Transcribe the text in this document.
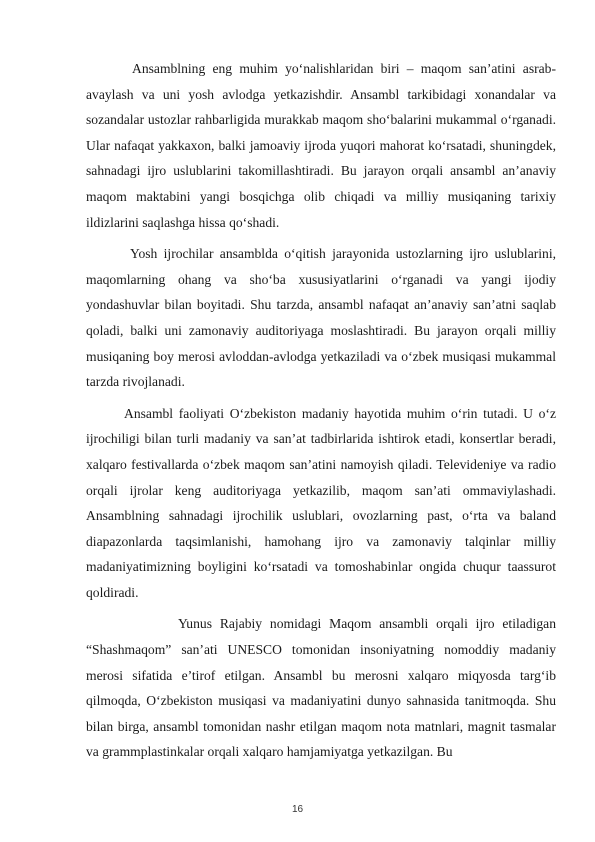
Ansamblning eng muhim yo‘nalishlaridan biri – maqom san’atini asrab-avaylash va uni yosh avlodga yetkazishdir. Ansambl tarkibidagi xonandalar va sozandalar ustozlar rahbarligida murakkab maqom sho‘balarini mukammal o‘rganadi. Ular nafaqat yakkaxon, balki jamoaviy ijroda yuqori mahorat ko‘rsatadi, shuningdek, sahnadagi ijro uslublarini takomillashtiradi. Bu jarayon orqali ansambl an’anaviy maqom maktabini yangi bosqichga olib chiqadi va milliy musiqaning tarixiy ildizlarini saqlashga hissa qo‘shadi.

Yosh ijrochilar ansamblda o‘qitish jarayonida ustozlarning ijro uslublarini, maqomlarning ohang va sho‘ba xususiyatlarini o‘rganadi va yangi ijodiy yondashuvlar bilan boyitadi. Shu tarzda, ansambl nafaqat an’anaviy san’atni saqlab qoladi, balki uni zamonaviy auditoriyaga moslashtiradi. Bu jarayon orqali milliy musiqaning boy merosi avloddan-avlodga yetkaziladi va o‘zbek musiqasi mukammal tarzda rivojlanadi.

Ansambl faoliyati O‘zbekiston madaniy hayotida muhim o‘rin tutadi. U o‘z ijrochiligi bilan turli madaniy va san’at tadbirlarida ishtirok etadi, konsertlar beradi, xalqaro festivallarda o‘zbek maqom san’atini namoyish qiladi. Televideniye va radio orqali ijrolar keng auditoriyaga yetkazilib, maqom san’ati ommaviylashadi. Ansamblning sahnadagi ijrochilik uslublari, ovozlarning past, o‘rta va baland diapazonlarda taqsimlanishi, hamohang ijro va zamonaviy talqinlar milliy madaniyatimizning boyligini ko‘rsatadi va tomoshabinlar ongida chuqur taassurot qoldiradi.

Yunus Rajabiy nomidagi Maqom ansambli orqali ijro etiladigan “Shashmaqom” san’ati UNESCO tomonidan insoniyatning nomoddiy madaniy merosi sifatida e’tirof etilgan. Ansambl bu merosni xalqaro miqyosda targ‘ib qilmoqda, O‘zbekiston musiqasi va madaniyatini dunyo sahnasida tanitmoqda. Shu bilan birga, ansambl tomonidan nashr etilgan maqom nota matnlari, magnit tasmalar va grammplastinkalar orqali xalqaro hamjamiyatga yetkazilgan. Bu

16
